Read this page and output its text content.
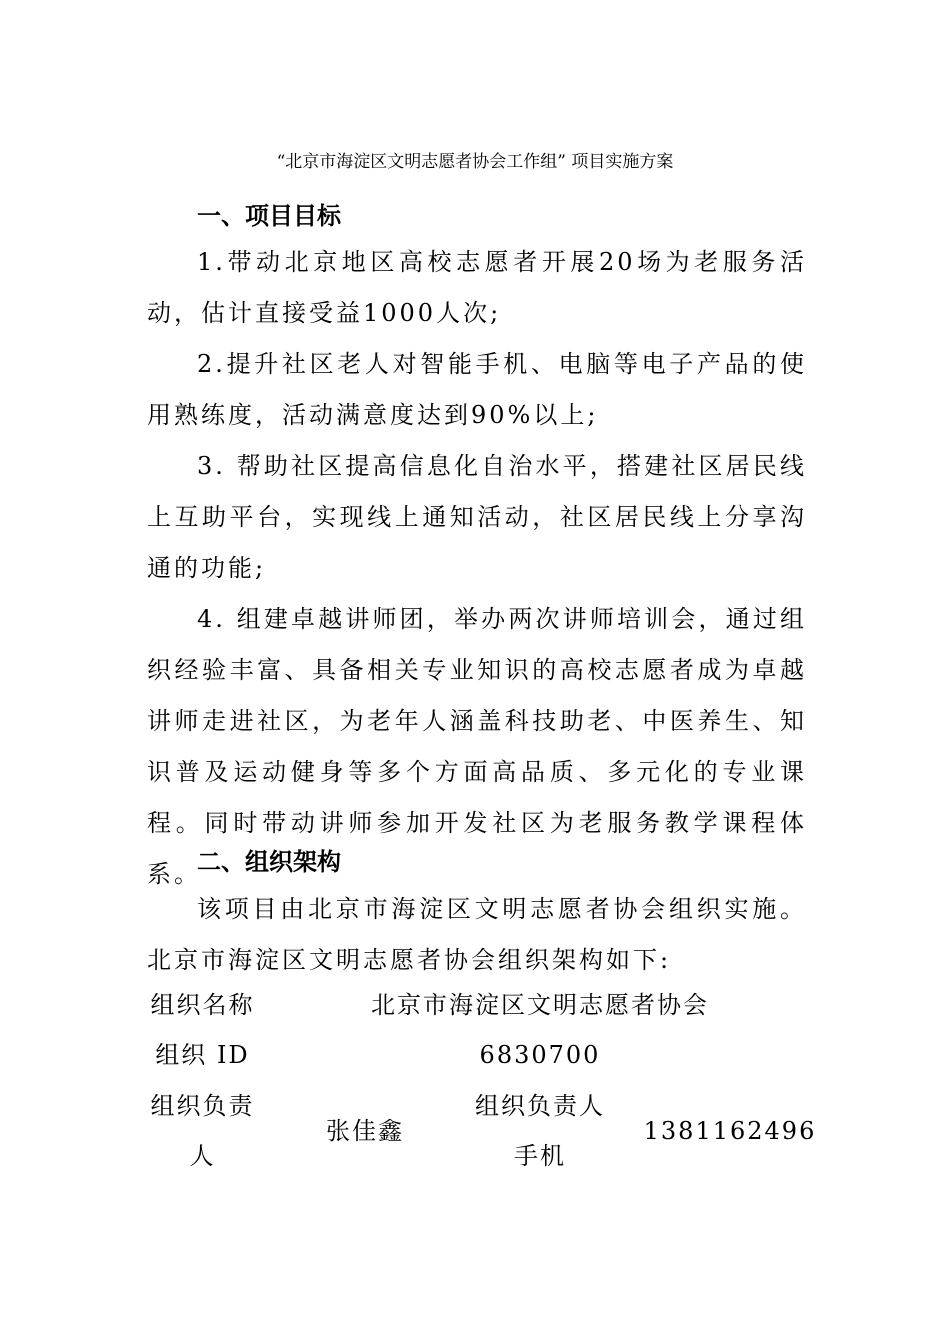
“北京市海淀区文明志愿者协会工作组” 项目实施方案
一、项目目标
1.带动北京地区高校志愿者开展20场为老服务活动，估计直接受益1000人次;
2.提升社区老人对智能手机、电脑等电子产品的使用熟练度，活动满意度达到90%以上;
3. 帮助社区提高信息化自治水平，搭建社区居民线上互助平台，实现线上通知活动，社区居民线上分享沟通的功能;
4. 组建卓越讲师团，举办两次讲师培训会，通过组织经验丰富、具备相关专业知识的高校志愿者成为卓越讲师走进社区，为老年人涵盖科技助老、中医养生、知识普及运动健身等多个方面高品质、多元化的专业课程。同时带动讲师参加开发社区为老服务教学课程体系。
二、组织架构
该项目由北京市海淀区文明志愿者协会组织实施。北京市海淀区文明志愿者协会组织架构如下:
组织名称	北京市海淀区文明志愿者协会
组织 ID	6830700
组织负责
人
张佳鑫
组织负责人
手机
1381162496
